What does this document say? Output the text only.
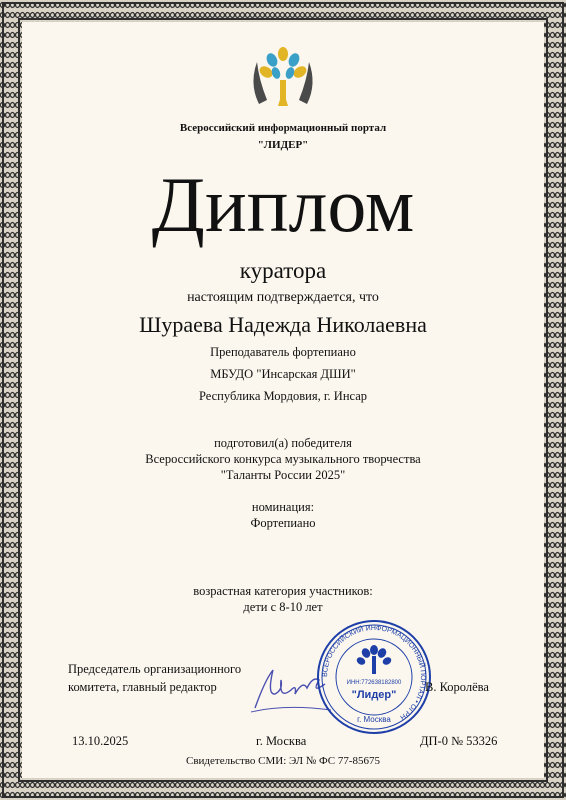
Всероссийский информационный портал
"ЛИДЕР"
Диплом
куратора
настоящим подтверждается, что
Шураева Надежда Николаевна
Преподаватель фортепиано
МБУДО "Инсарская ДШИ"
Республика Мордовия, г. Инсар
подготовил(а) победителя
Всероссийского конкурса музыкального творчества
"Таланты России 2025"
номинация:
Фортепиано
возрастная категория участников:
дети с 8-10 лет
Председатель организационного
комитета, главный редактор
ВСЕРОССИЙСКИЙ ИНФОРМАЦИОННЫЙ ПОРТАЛ • ОГРН
ИНН:772638182800
"Лидер"
г. Москва
В. Королёва
13.10.2025	г. Москва	ДП-0 № 53326
Свидетельство СМИ: ЭЛ № ФС 77-85675
